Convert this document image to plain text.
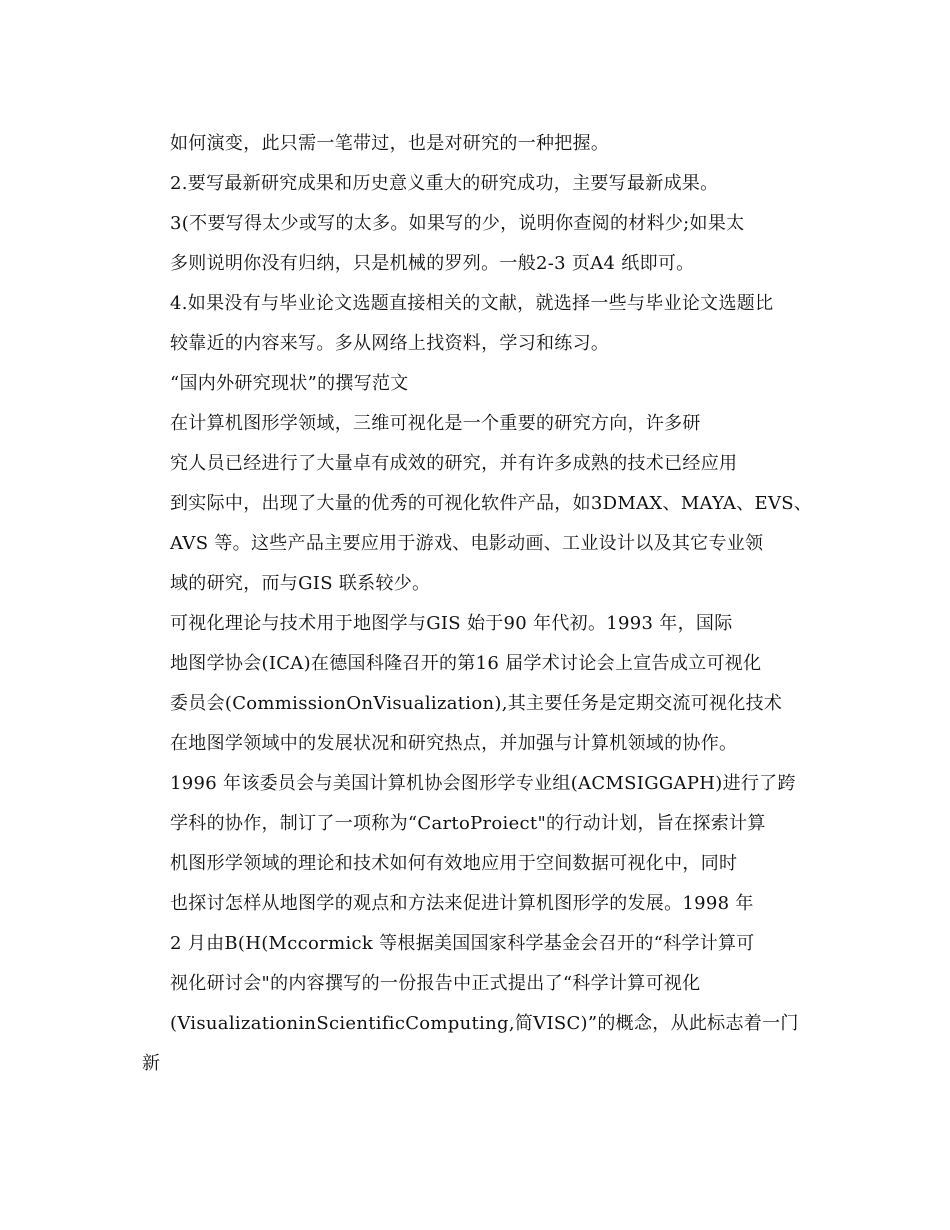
如何演变，此只需一笔带过，也是对研究的一种把握。
2.要写最新研究成果和历史意义重大的研究成功，主要写最新成果。
3(不要写得太少或写的太多。如果写的少，说明你查阅的材料少;如果太
多则说明你没有归纳，只是机械的罗列。一般2-3 页A4 纸即可。
4.如果没有与毕业论文选题直接相关的文献，就选择一些与毕业论文选题比
较靠近的内容来写。多从网络上找资料，学习和练习。
“国内外研究现状”的撰写范文
在计算机图形学领域，三维可视化是一个重要的研究方向，许多研
究人员已经进行了大量卓有成效的研究，并有许多成熟的技术已经应用
到实际中，出现了大量的优秀的可视化软件产品，如3DMAX、MAYA、EVS、
AVS 等。这些产品主要应用于游戏、电影动画、工业设计以及其它专业领
域的研究，而与GIS 联系较少。
可视化理论与技术用于地图学与GIS 始于90 年代初。1993 年，国际
地图学协会(ICA)在德国科隆召开的第16 届学术讨论会上宣告成立可视化
委员会(CommissionOnVisualization),其主要任务是定期交流可视化技术
在地图学领域中的发展状况和研究热点，并加强与计算机领域的协作。
1996 年该委员会与美国计算机协会图形学专业组(ACMSIGGAPH)进行了跨
学科的协作，制订了一项称为“CartoProiect"的行动计划，旨在探索计算
机图形学领域的理论和技术如何有效地应用于空间数据可视化中，同时
也探讨怎样从地图学的观点和方法来促进计算机图形学的发展。1998 年
2 月由B(H(Mccormick 等根据美国国家科学基金会召开的“科学计算可
视化研讨会"的内容撰写的一份报告中正式提出了“科学计算可视化
(VisualizationinScientificComputing,简VISC)”的概念，从此标志着一门
新
